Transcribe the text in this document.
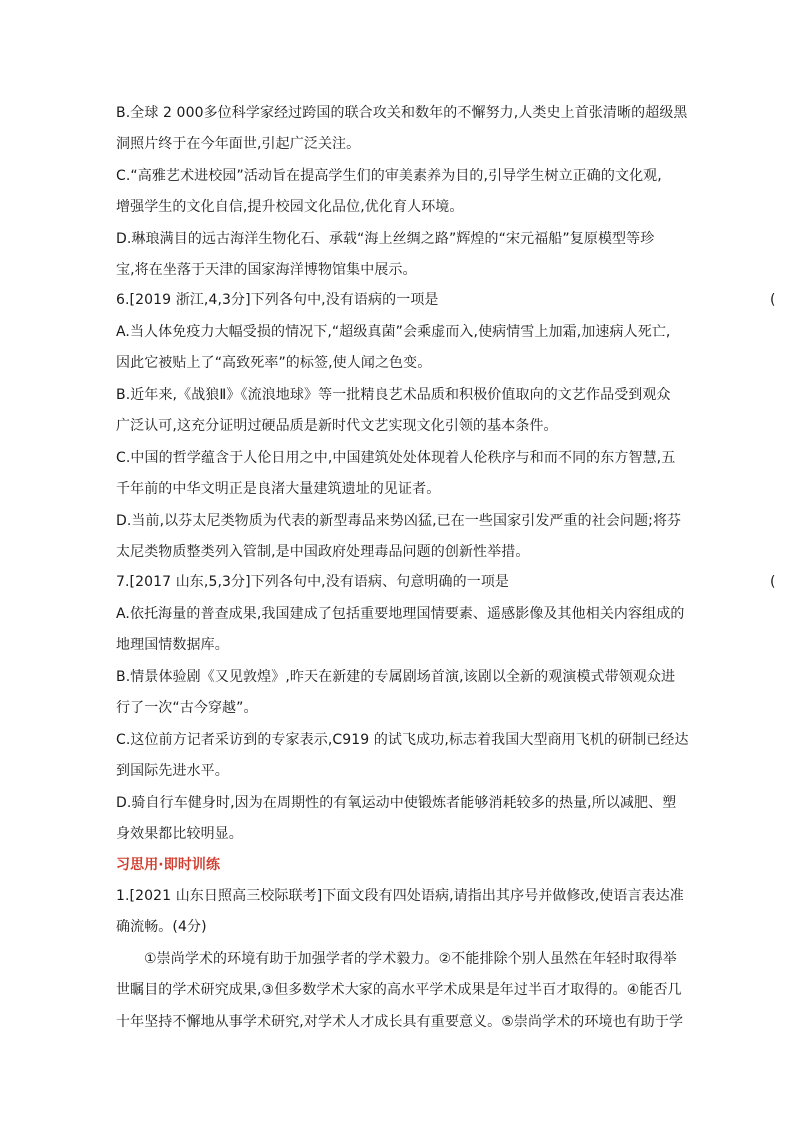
B.全球 2 000多位科学家经过跨国的联合攻关和数年的不懈努力,人类史上首张清晰的超级黑
洞照片终于在今年面世,引起广泛关注。
C.“高雅艺术进校园”活动旨在提高学生们的审美素养为目的,引导学生树立正确的文化观,
增强学生的文化自信,提升校园文化品位,优化育人环境。
D.琳琅满目的远古海洋生物化石、承载“海上丝绸之路”辉煌的“宋元福船”复原模型等珍
宝,将在坐落于天津的国家海洋博物馆集中展示。
6.[2019 浙江,4,3分]下列各句中,没有语病的一项是	(
A.当人体免疫力大幅受损的情况下,“超级真菌”会乘虚而入,使病情雪上加霜,加速病人死亡,
因此它被贴上了“高致死率”的标签,使人闻之色变。
B.近年来,《战狼Ⅱ》《流浪地球》等一批精良艺术品质和积极价值取向的文艺作品受到观众
广泛认可,这充分证明过硬品质是新时代文艺实现文化引领的基本条件。
C.中国的哲学蕴含于人伦日用之中,中国建筑处处体现着人伦秩序与和而不同的东方智慧,五
千年前的中华文明正是良渚大量建筑遗址的见证者。
D.当前,以芬太尼类物质为代表的新型毒品来势凶猛,已在一些国家引发严重的社会问题;将芬
太尼类物质整类列入管制,是中国政府处理毒品问题的创新性举措。
7.[2017 山东,5,3分]下列各句中,没有语病、句意明确的一项是	(
A.依托海量的普查成果,我国建成了包括重要地理国情要素、遥感影像及其他相关内容组成的
地理国情数据库。
B.情景体验剧《又见敦煌》,昨天在新建的专属剧场首演,该剧以全新的观演模式带领观众进
行了一次“古今穿越”。
C.这位前方记者采访到的专家表示,C919 的试飞成功,标志着我国大型商用飞机的研制已经达
到国际先进水平。
D.骑自行车健身时,因为在周期性的有氧运动中使锻炼者能够消耗较多的热量,所以减肥、塑
身效果都比较明显。
习思用·即时训练
1.[2021 山东日照高三校际联考]下面文段有四处语病,请指出其序号并做修改,使语言表达准
确流畅。(4分)
①崇尚学术的环境有助于加强学者的学术毅力。②不能排除个别人虽然在年轻时取得举
世瞩目的学术研究成果,③但多数学术大家的高水平学术成果是年过半百才取得的。④能否几
十年坚持不懈地从事学术研究,对学术人才成长具有重要意义。⑤崇尚学术的环境也有助于学
